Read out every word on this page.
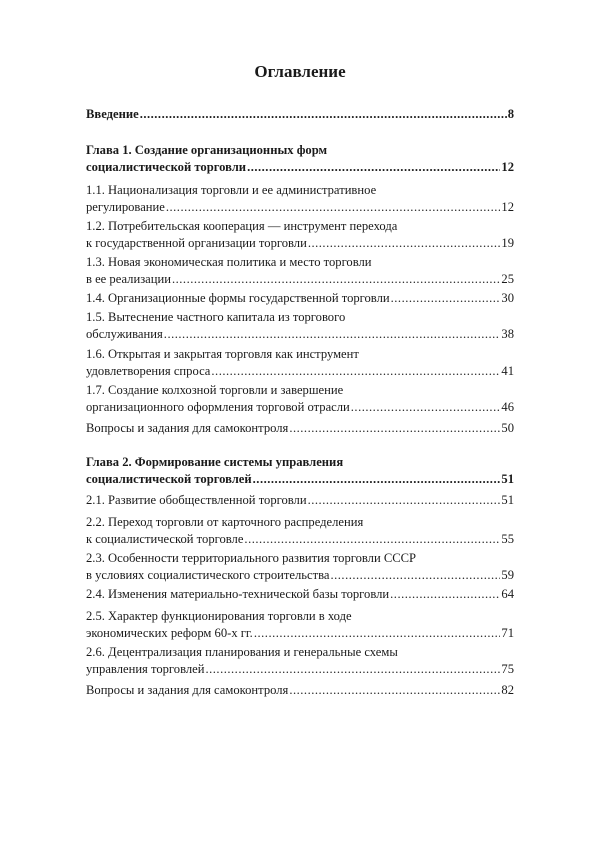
Оглавление
Введение .....	8
Глава 1. Создание организационных форм
социалистической торговли .....	12
1.1. Национализация торговли и ее административное
регулирование .....	12
1.2. Потребительская кооперация — инструмент перехода
к государственной организации торговли .....	19
1.3. Новая экономическая политика и место торговли
в ее реализации .....	25
1.4. Организационные формы государственной торговли .....	30
1.5. Вытеснение частного капитала из торгового
обслуживания .....	38
1.6. Открытая и закрытая торговля как инструмент
удовлетворения спроса .....	41
1.7. Создание колхозной торговли и завершение
организационного оформления торговой отрасли .....	46
Вопросы и задания для самоконтроля .....	50
Глава 2. Формирование системы управления
социалистической торговлей .....	51
2.1. Развитие обобществленной торговли .....	51
2.2. Переход торговли от карточного распределения
к социалистической торговле .....	55
2.3. Особенности территориального развития торговли СССР
в условиях социалистического строительства .....	59
2.4. Изменения материально-технической базы торговли .....	64
2.5. Характер функционирования торговли в ходе
экономических реформ 60-х гг. .....	71
2.6. Децентрализация планирования и генеральные схемы
управления торговлей .....	75
Вопросы и задания для самоконтроля .....	82
